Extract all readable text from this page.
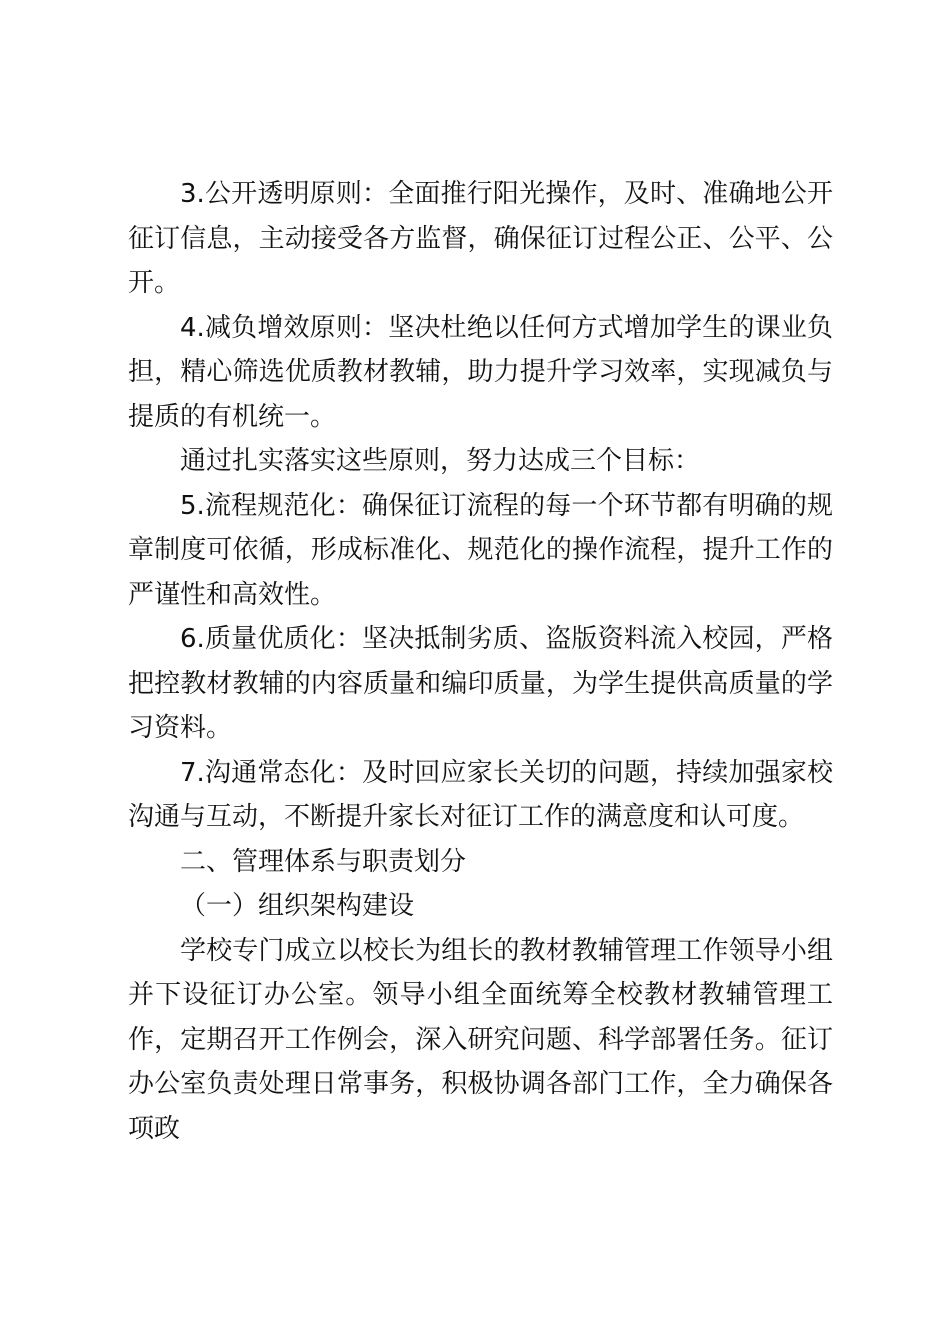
3.公开透明原则：全面推行阳光操作，及时、准确地公开征订信息，主动接受各方监督，确保征订过程公正、公平、公开。

4.减负增效原则：坚决杜绝以任何方式增加学生的课业负担，精心筛选优质教材教辅，助力提升学习效率，实现减负与提质的有机统一。

通过扎实落实这些原则，努力达成三个目标：

5.流程规范化：确保征订流程的每一个环节都有明确的规章制度可依循，形成标准化、规范化的操作流程，提升工作的严谨性和高效性。

6.质量优质化：坚决抵制劣质、盗版资料流入校园，严格把控教材教辅的内容质量和编印质量，为学生提供高质量的学习资料。

7.沟通常态化：及时回应家长关切的问题，持续加强家校沟通与互动，不断提升家长对征订工作的满意度和认可度。

二、管理体系与职责划分

（一）组织架构建设

学校专门成立以校长为组长的教材教辅管理工作领导小组并下设征订办公室。领导小组全面统筹全校教材教辅管理工作，定期召开工作例会，深入研究问题、科学部署任务。征订办公室负责处理日常事务，积极协调各部门工作，全力确保各项政
